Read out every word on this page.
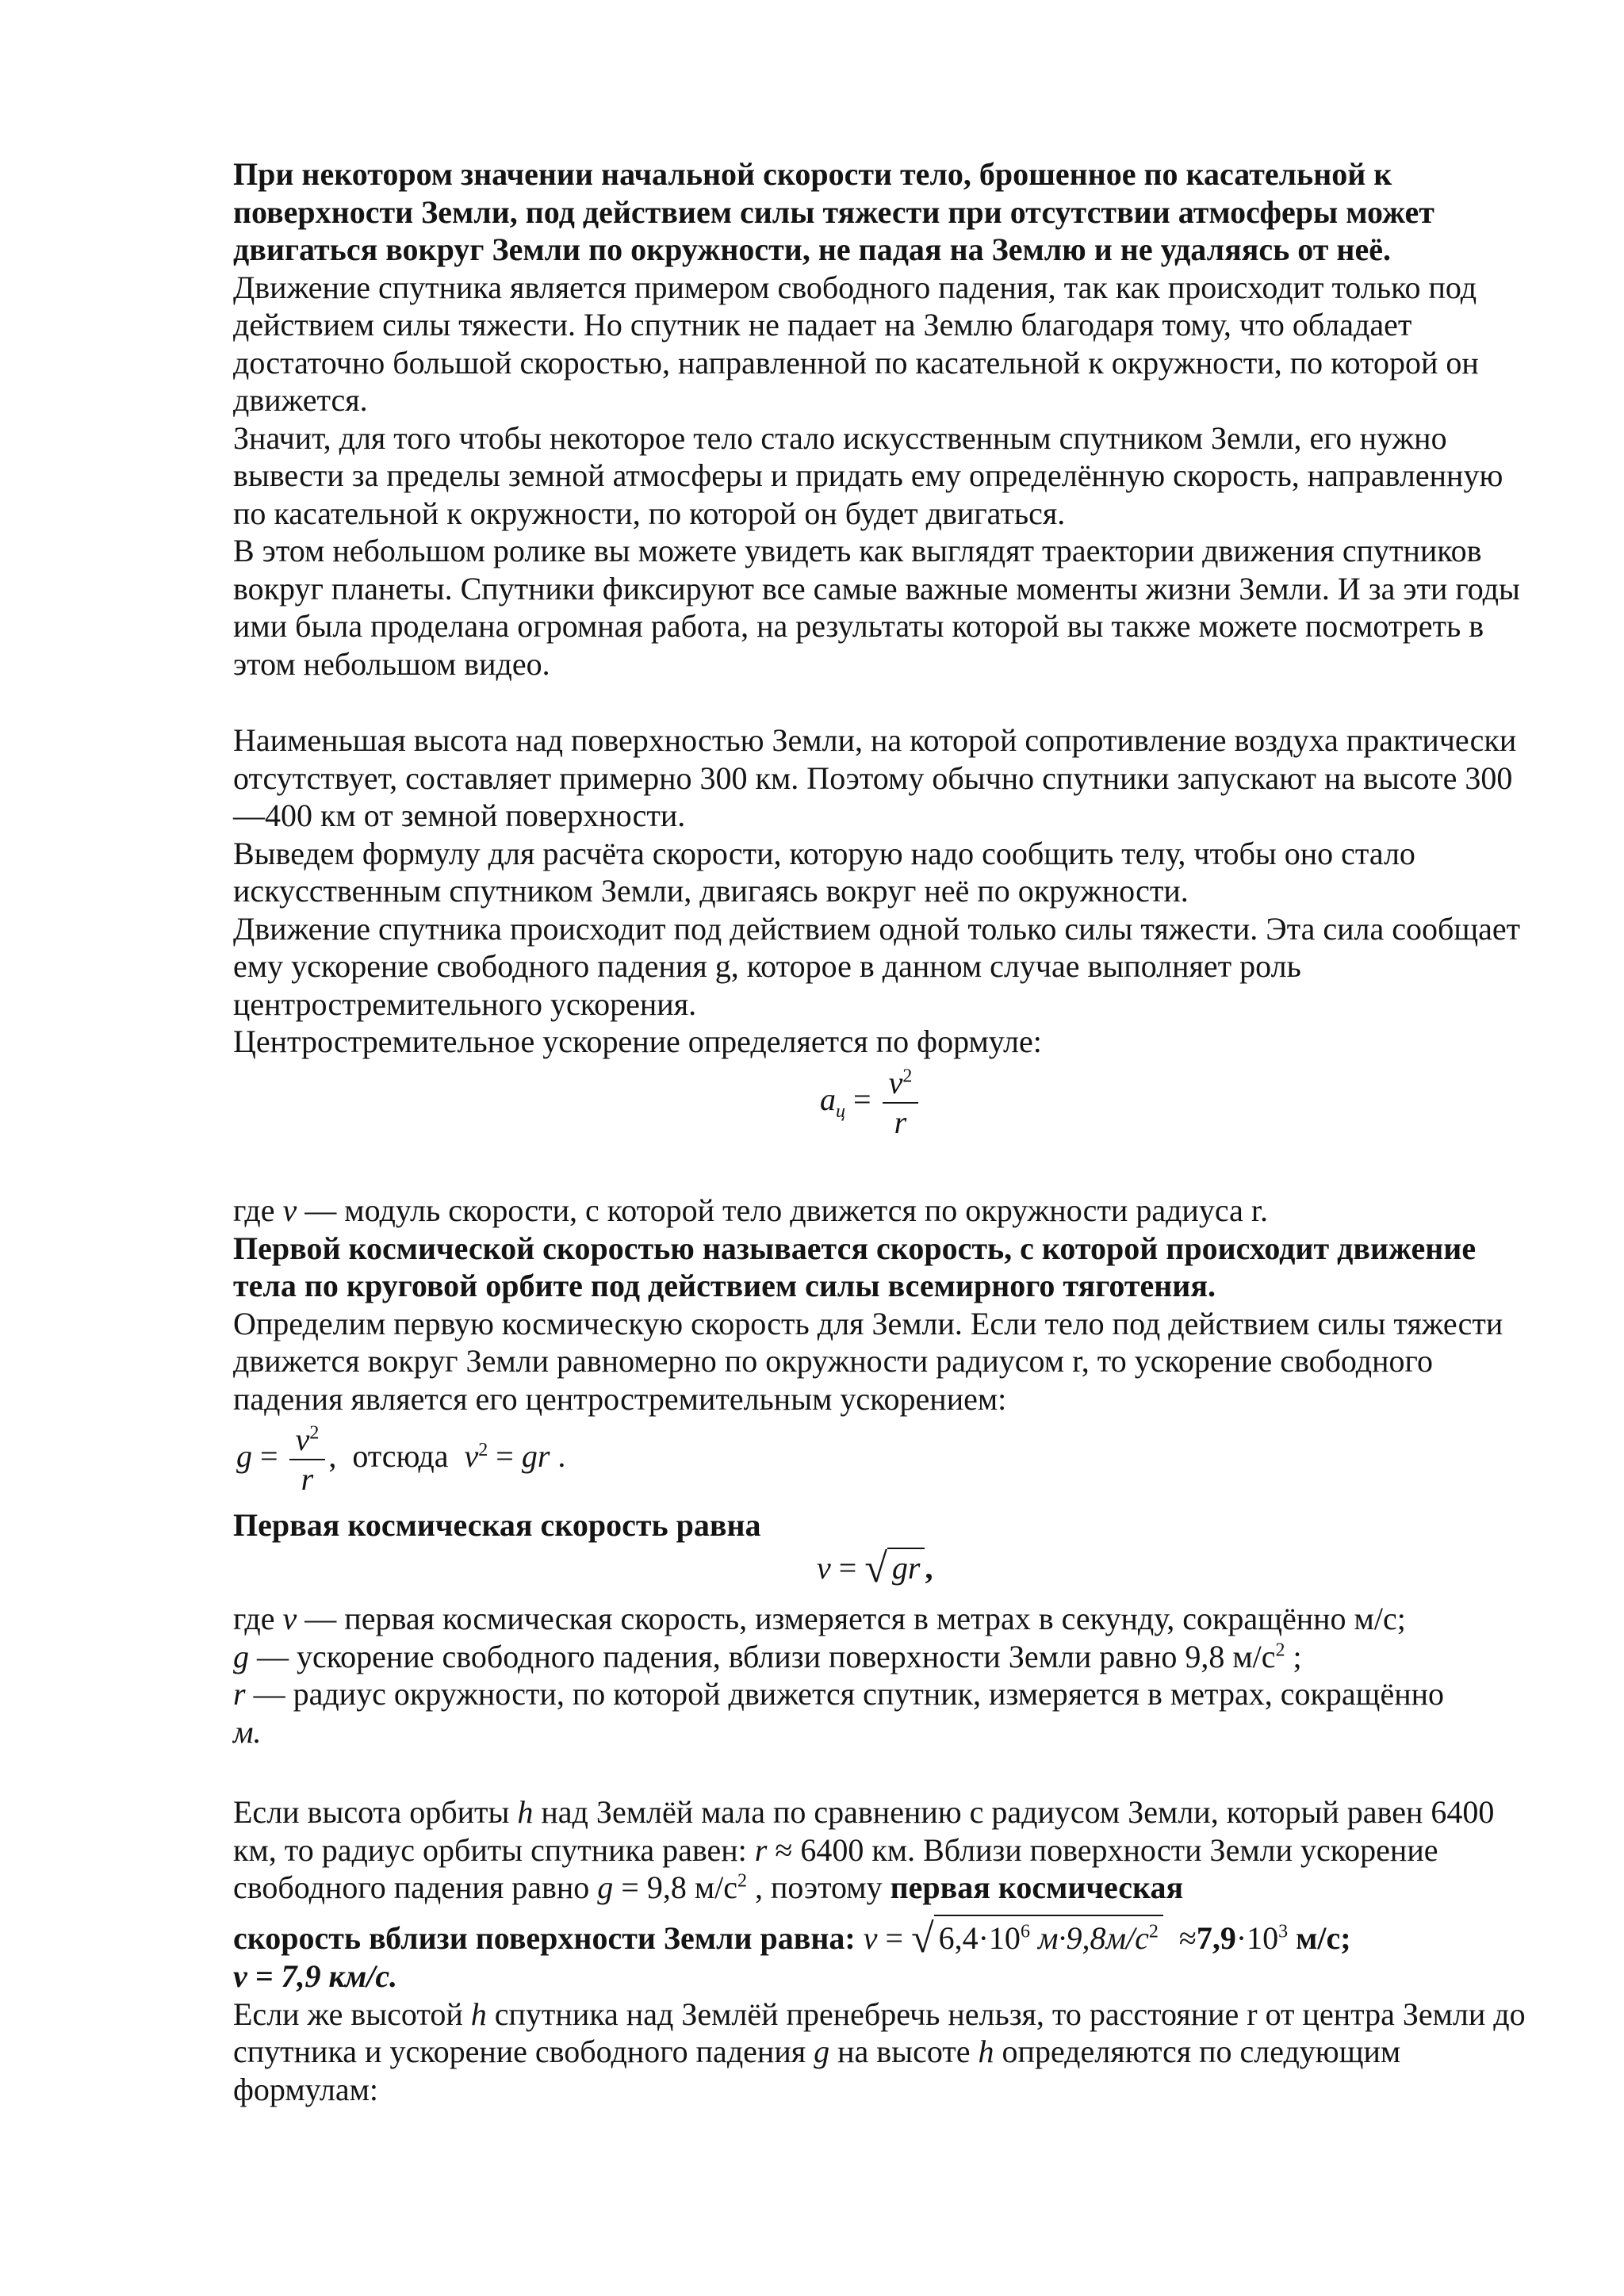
При некотором значении начальной скорости тело, брошенное по касательной к поверхности Земли, под действием силы тяжести при отсутствии атмосферы может двигаться вокруг Земли по окружности, не падая на Землю и не удаляясь от неё.

Движение спутника является примером свободного падения, так как происходит только под действием силы тяжести. Но спутник не падает на Землю благодаря тому, что обладает достаточно большой скоростью, направленной по касательной к окружности, по которой он движется.

Значит, для того чтобы некоторое тело стало искусственным спутником Земли, его нужно вывести за пределы земной атмосферы и придать ему определённую скорость, направленную по касательной к окружности, по которой он будет двигаться.

В этом небольшом ролике вы можете увидеть как выглядят траектории движения спутников вокруг планеты. Спутники фиксируют все самые важные моменты жизни Земли. И за эти годы ими была проделана огромная работа, на результаты которой вы также можете посмотреть в этом небольшом видео.

Наименьшая высота над поверхностью Земли, на которой сопротивление воздуха практически отсутствует, составляет примерно 300 км. Поэтому обычно спутники запускают на высоте 300—400 км от земной поверхности.

Выведем формулу для расчёта скорости, которую надо сообщить телу, чтобы оно стало искусственным спутником Земли, двигаясь вокруг неё по окружности.

Движение спутника происходит под действием одной только силы тяжести. Эта сила сообщает ему ускорение свободного падения g, которое в данном случае выполняет роль центростремительного ускорения.

Центростремительное ускорение определяется по формуле:

$a_ц = \frac{v^2}{r}$

где v — модуль скорости, с которой тело движется по окружности радиуса r.

Первой космической скоростью называется скорость, с которой происходит движение тела по круговой орбите под действием силы всемирного тяготения.

Определим первую космическую скорость для Земли. Если тело под действием силы тяжести движется вокруг Земли равномерно по окружности радиусом r, то ускорение свободного падения является его центростремительным ускорением:

$g = \frac{v^2}{r}$ , отсюда $v^2$ = gr .

Первая космическая скорость равна

v = √ gr ,

где v — первая космическая скорость, измеряется в метрах в секунду, сокращённо м/с;

g — ускорение свободного падения, вблизи поверхности Земли равно 9,8 $м/с^2$ ;

r — радиус окружности, по которой движется спутник, измеряется в метрах, сокращённо
м.

Если высота орбиты h над Землёй мала по сравнению с радиусом Земли, который равен 6400 км, то радиус орбиты спутника равен: r ≈ 6400 км. Вблизи поверхности Земли ускорение свободного падения равно g = 9,8 $м/с^2$ , поэтому первая космическая

скорость вблизи поверхности Земли равна: v = √ $6,4\cdot 10^6$ $м\cdot 9,8м/с^2 \approx 7,9\cdot 10^3$ м/с;

v = 7,9 км/с.

Если же высотой h спутника над Землёй пренебречь нельзя, то расстояние r от центра Земли до спутника и ускорение свободного падения g на высоте h определяются по следующим формулам:
